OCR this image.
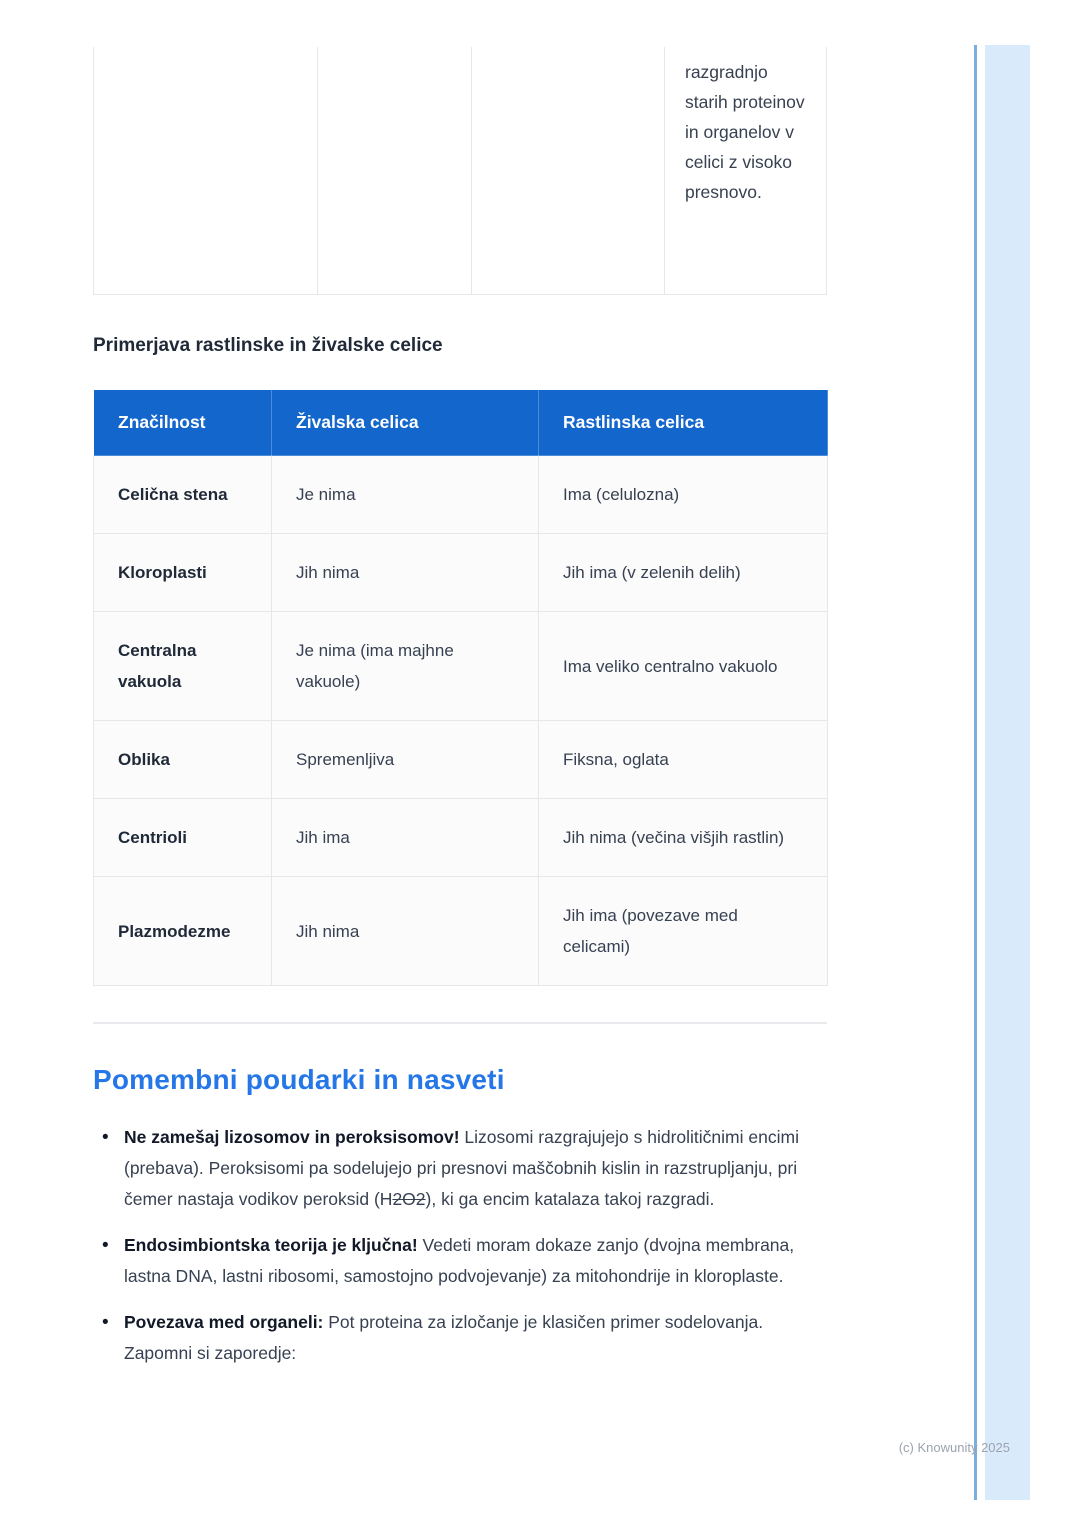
razgradnjo starih proteinov in organelov v celici z visoko presnovo.
Primerjava rastlinske in živalske celice
Značilnost	Živalska celica	Rastlinska celica
Celična stena	Je nima	Ima (celulozna)
Kloroplasti	Jih nima	Jih ima (v zelenih delih)
Centralna vakuola	Je nima (ima majhne vakuole)	Ima veliko centralno vakuolo
Oblika	Spremenljiva	Fiksna, oglata
Centrioli	Jih ima	Jih nima (večina višjih rastlin)
Plazmodezme	Jih nima	Jih ima (povezave med celicami)
Pomembni poudarki in nasveti
• Ne zamešaj lizosomov in peroksisomov! Lizosomi razgrajujejo s hidrolitičnimi encimi (prebava). Peroksisomi pa sodelujejo pri presnovi maščobnih kislin in razstrupljanju, pri čemer nastaja vodikov peroksid (H2O2), ki ga encim katalaza takoj razgradi.
• Endosimbiontska teorija je ključna! Vedeti moram dokaze zanjo (dvojna membrana, lastna DNA, lastni ribosomi, samostojno podvojevanje) za mitohondrije in kloroplaste.
• Povezava med organeli: Pot proteina za izločanje je klasičen primer sodelovanja. Zapomni si zaporedje:
(c) Knowunity 2025
